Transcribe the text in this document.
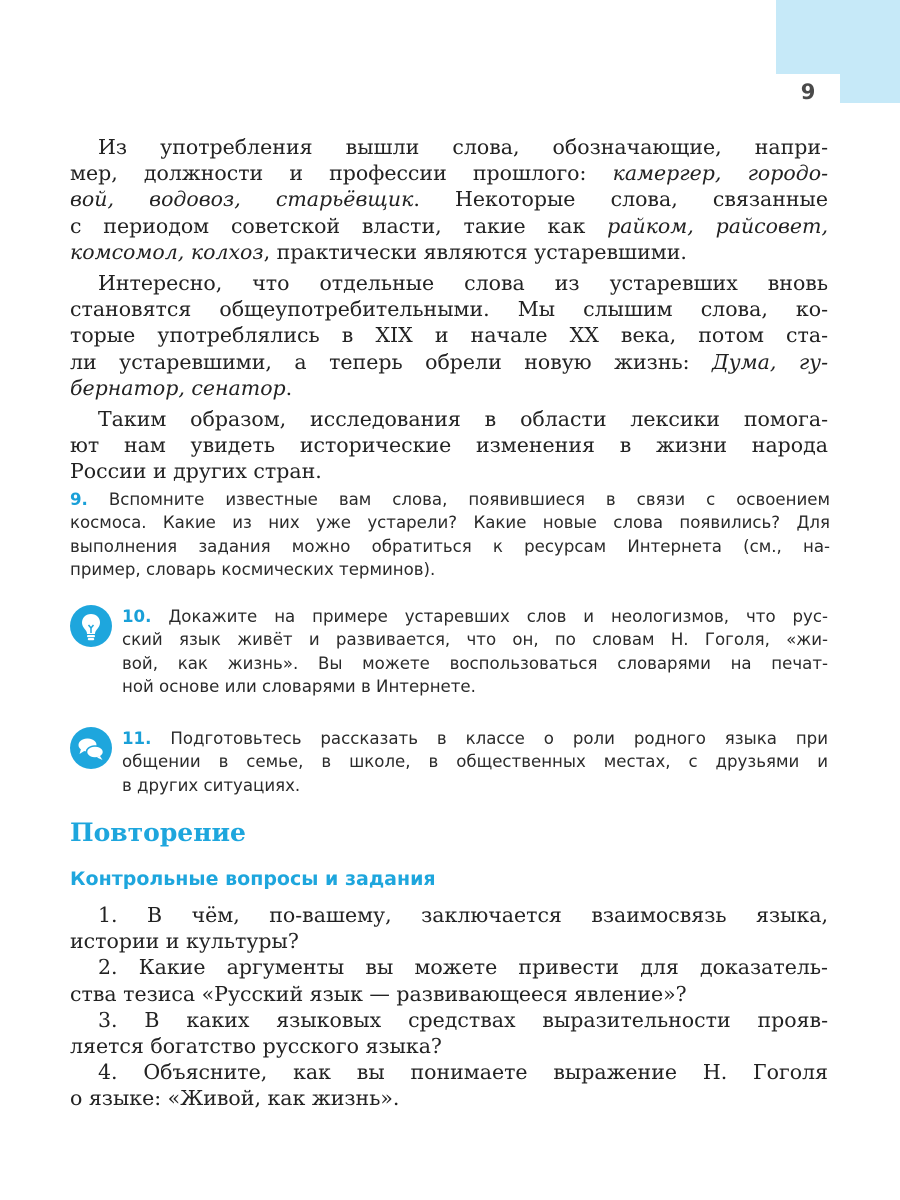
9

Из употребления вышли слова, обозначающие, напри-
мер, должности и профессии прошлого: камергер, городо-
вой, водовоз, старьёвщик. Некоторые слова, связанные
с периодом советской власти, такие как райком, райсовет,
комсомол, колхоз, практически являются устаревшими.

Интересно, что отдельные слова из устаревших вновь
становятся общеупотребительными. Мы слышим слова, ко-
торые употреблялись в XIX и начале XX века, потом ста-
ли устаревшими, а теперь обрели новую жизнь: Дума, гу-
бернатор, сенатор.

Таким образом, исследования в области лексики помога-
ют нам увидеть исторические изменения в жизни народа
России и других стран.

9. Вспомните известные вам слова, появившиеся в связи с освоением
космоса. Какие из них уже устарели? Какие новые слова появились? Для
выполнения задания можно обратиться к ресурсам Интернета (см., на-
пример, словарь космических терминов).
10. Докажите на примере устаревших слов и неологизмов, что рус-
ский язык живёт и развивается, что он, по словам Н. Гоголя, «жи-
вой, как жизнь». Вы можете воспользоваться словарями на печат-
ной основе или словарями в Интернете.
11. Подготовьтесь рассказать в классе о роли родного языка при
общении в семье, в школе, в общественных местах, с друзьями и
в других ситуациях.
Повторение
Контрольные вопросы и задания
1. В чём, по-вашему, заключается взаимосвязь языка,
истории и культуры?
2. Какие аргументы вы можете привести для доказатель-
ства тезиса «Русский язык — развивающееся явление»?
3. В каких языковых средствах выразительности прояв-
ляется богатство русского языка?
4. Объясните, как вы понимаете выражение Н. Гоголя
о языке: «Живой, как жизнь».
